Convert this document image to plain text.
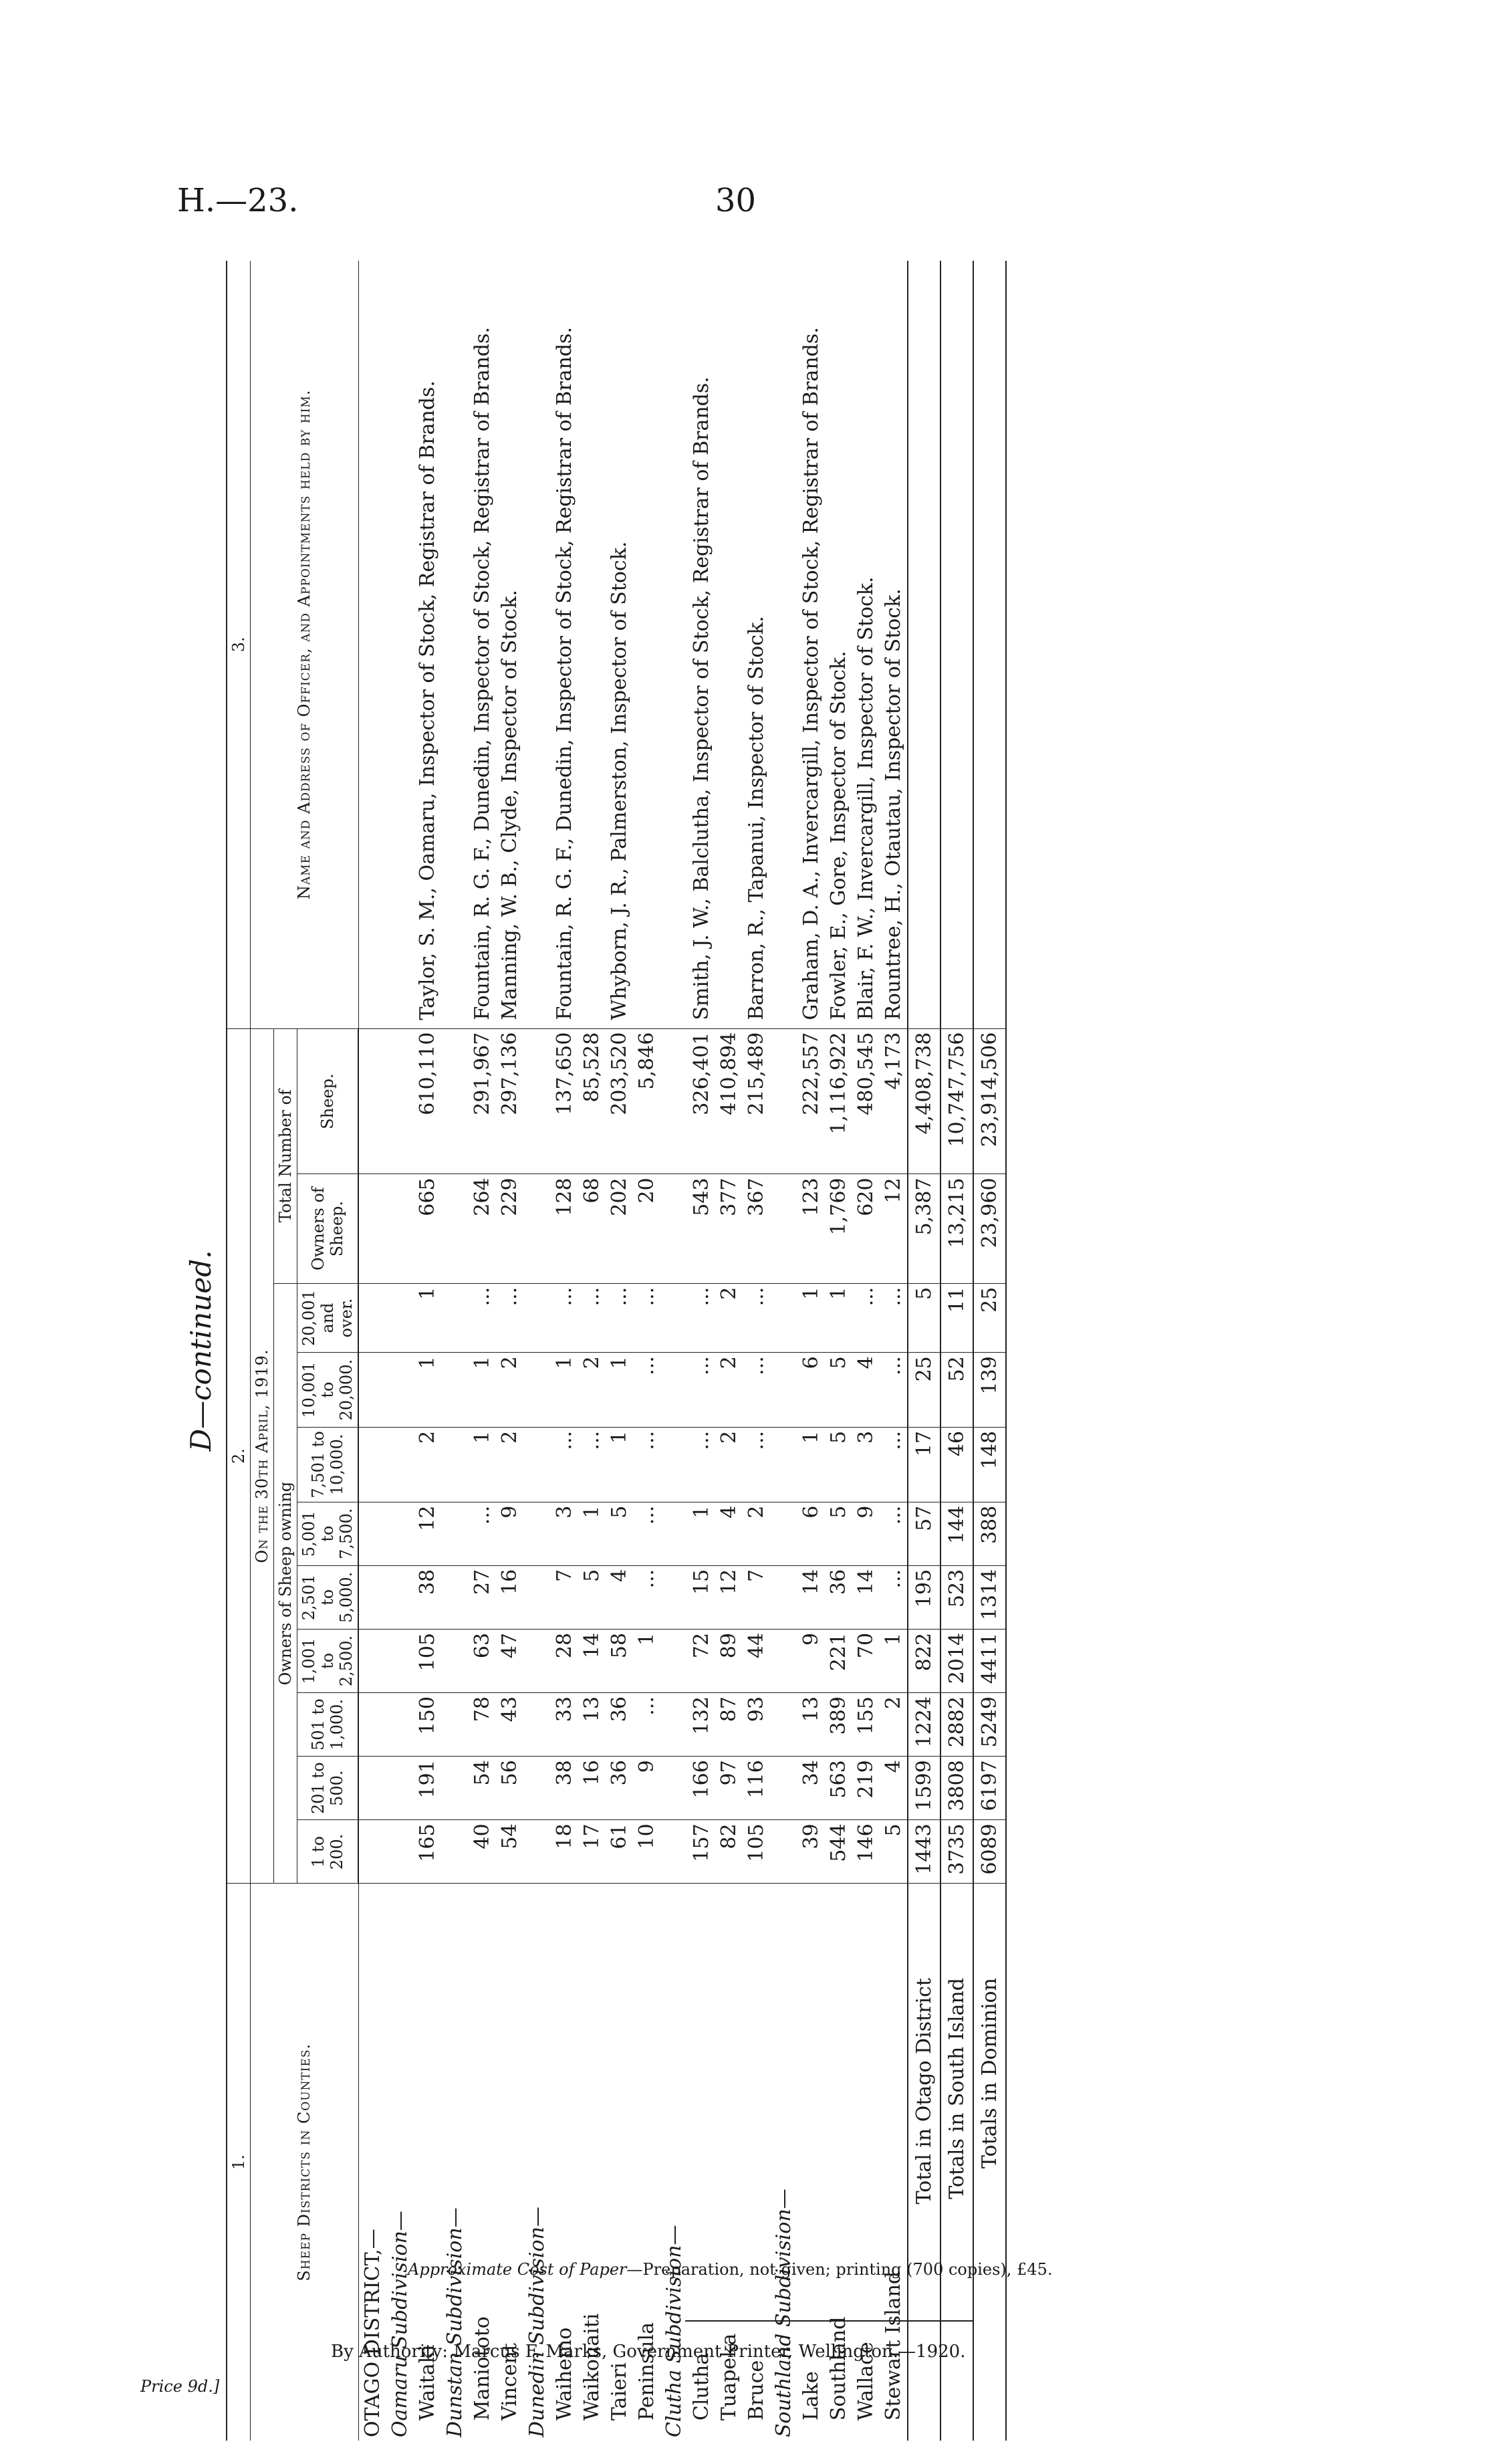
H.—23.	30
D—continued.
1.		2.											3.
Sheep Districts in Counties.		On the 30th April, 1919.											Name and Address of Officer, and Appointments held by him.
		Owners of Sheep owning									Total Number of		
		1 to 200.	201 to 500.	501 to 1,000.	1,001 to 2,500.	2,501 to 5,000.	5,001 to 7,500.	7,501 to 10,000.	10,001 to 20,000.	20,001 and over.	Owners of Sheep.	Sheep.	
OTAGO DISTRICT,—													
Oamaru Subdivision—													
Waitaki		165	191	150	105	38	12	2	1	1	665	610,110	Taylor, S. M., Oamaru, Inspector of Stock, Registrar of Brands.
Dunstan Subdivision—													
Maniototo		40	54	78	63	27	...	1	1	...	264	291,967	Fountain, R. G. F., Dunedin, Inspector of Stock, Registrar of Brands.
Vincent		54	56	43	47	16	9	2	2	...	229	297,136	Manning, W. B., Clyde, Inspector of Stock.
Dunedin Subdivision—													
Waihemo		18	38	33	28	7	3	...	1	...	128	137,650	Fountain, R. G. F., Dunedin, Inspector of Stock, Registrar of Brands.
Waikouaiti		17	16	13	14	5	1	...	2	...	68	85,528	
Taieri		61	36	36	58	4	5	1	1	...	202	203,520	Whyborn, J. R., Palmerston, Inspector of Stock.
Peninsula		10	9	...	1	...	...	...	...	...	20	5,846	
Clutha Subdivision—													
Clutha		157	166	132	72	15	1	...	...	...	543	326,401	Smith, J. W., Balclutha, Inspector of Stock, Registrar of Brands.
Tuapeka		82	97	87	89	12	4	2	2	2	377	410,894	
Bruce		105	116	93	44	7	2	...	...	...	367	215,489	Barron, R., Tapanui, Inspector of Stock.
Southland Subdivision—													
Lake		39	34	13	9	14	6	1	6	1	123	222,557	Graham, D. A., Invercargill, Inspector of Stock, Registrar of Brands.
Southland		544	563	389	221	36	5	5	5	1	1,769	1,116,922	Fowler, E., Gore, Inspector of Stock.
Wallace		146	219	155	70	14	9	3	4	...	620	480,545	Blair, F. W., Invercargill, Inspector of Stock.
Stewart Island		5	4	2	1	...	...	...	...	...	12	4,173	Rountree, H., Otautau, Inspector of Stock.
Total in Otago District		1443	1599	1224	822	195	57	17	25	5	5,387	4,408,738	
Totals in South Island		3735	3808	2882	2014	523	144	46	52	11	13,215	10,747,756	
Totals in Dominion		6089	6197	5249	4411	1314	388	148	139	25	23,960	23,914,506	
Approximate Cost of Paper—Preparation, not given; printing (700 copies), £45.
By Authority: Marcus F. Marks, Government Printer, Wellington.—1920.
Price 9d.]
